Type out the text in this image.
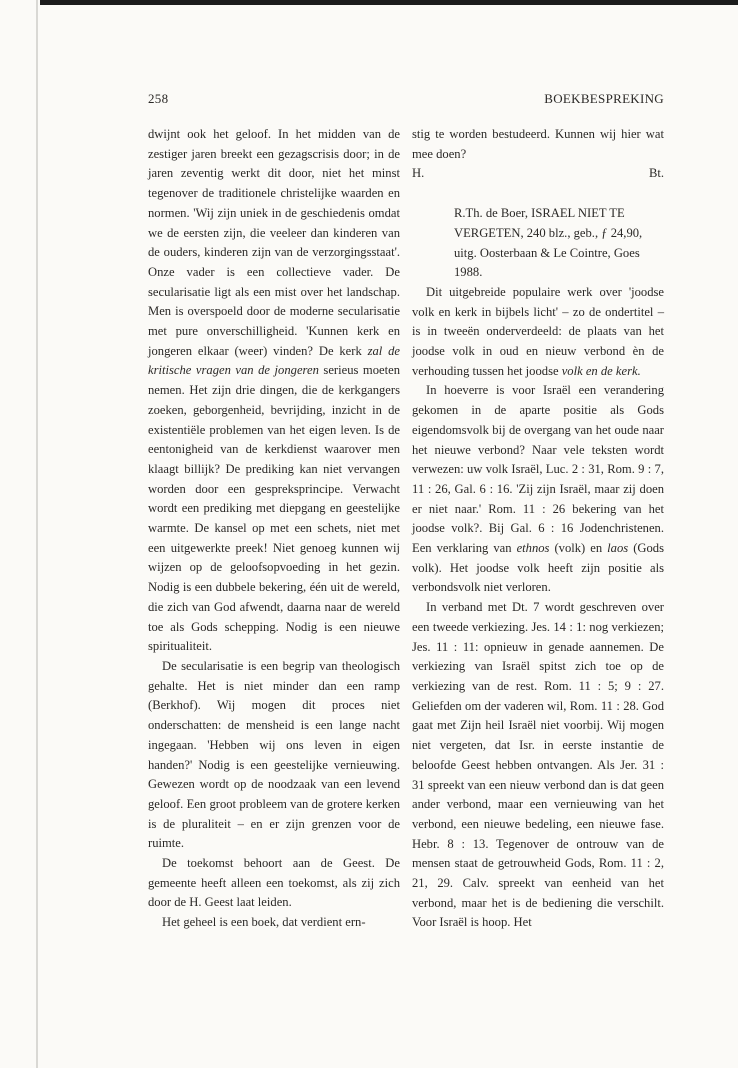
258	BOEKBESPREKING

dwijnt ook het geloof. In het midden van de zestiger jaren breekt een gezagscrisis door; in de jaren zeventig werkt dit door, niet het minst tegenover de traditionele christelijke waarden en normen. 'Wij zijn uniek in de geschiedenis omdat we de eersten zijn, die veeleer dan kinderen van de ouders, kinderen zijn van de verzorgingsstaat'. Onze vader is een collectieve vader. De secularisatie ligt als een mist over het landschap. Men is overspoeld door de moderne secularisatie met pure onverschilligheid. 'Kunnen kerk en jongeren elkaar (weer) vinden? De kerk zal de kritische vragen van de jongeren serieus moeten nemen. Het zijn drie dingen, die de kerkgangers zoeken, geborgenheid, bevrijding, inzicht in de existentiële problemen van het eigen leven. Is de eentonigheid van de kerkdienst waarover men klaagt billijk? De prediking kan niet vervangen worden door een gespreksprincipe. Verwacht wordt een prediking met diepgang en geestelijke warmte. De kansel op met een schets, niet met een uitgewerkte preek! Niet genoeg kunnen wij wijzen op de geloofsopvoeding in het gezin. Nodig is een dubbele bekering, één uit de wereld, die zich van God afwendt, daarna naar de wereld toe als Gods schepping. Nodig is een nieuwe spiritualiteit.

De secularisatie is een begrip van theologisch gehalte. Het is niet minder dan een ramp (Berkhof). Wij mogen dit proces niet onderschatten: de mensheid is een lange nacht ingegaan. 'Hebben wij ons leven in eigen handen?' Nodig is een geestelijke vernieuwing. Gewezen wordt op de noodzaak van een levend geloof. Een groot probleem van de grotere kerken is de pluraliteit – en er zijn grenzen voor de ruimte.

De toekomst behoort aan de Geest. De gemeente heeft alleen een toekomst, als zij zich door de H. Geest laat leiden.

Het geheel is een boek, dat verdient ern-

stig te worden bestudeerd. Kunnen wij hier wat mee doen?

H.	Bt.

R.Th. de Boer, ISRAEL NIET TE VERGETEN, 240 blz., geb., ƒ 24,90, uitg. Oosterbaan & Le Cointre, Goes 1988.

Dit uitgebreide populaire werk over 'joodse volk en kerk in bijbels licht' – zo de ondertitel – is in tweeën onderverdeeld: de plaats van het joodse volk in oud en nieuw verbond èn de verhouding tussen het joodse volk en de kerk.

In hoeverre is voor Israël een verandering gekomen in de aparte positie als Gods eigendomsvolk bij de overgang van het oude naar het nieuwe verbond? Naar vele teksten wordt verwezen: uw volk Israël, Luc. 2 : 31, Rom. 9 : 7, 11 : 26, Gal. 6 : 16. 'Zij zijn Israël, maar zij doen er niet naar.' Rom. 11 : 26 bekering van het joodse volk?. Bij Gal. 6 : 16 Jodenchristenen. Een verklaring van ethnos (volk) en laos (Gods volk). Het joodse volk heeft zijn positie als verbondsvolk niet verloren.

In verband met Dt. 7 wordt geschreven over een tweede verkiezing. Jes. 14 : 1: nog verkiezen; Jes. 11 : 11: opnieuw in genade aannemen. De verkiezing van Israël spitst zich toe op de verkiezing van de rest. Rom. 11 : 5; 9 : 27. Geliefden om der vaderen wil, Rom. 11 : 28. God gaat met Zijn heil Israël niet voorbij. Wij mogen niet vergeten, dat Isr. in eerste instantie de beloofde Geest hebben ontvangen. Als Jer. 31 : 31 spreekt van een nieuw verbond dan is dat geen ander verbond, maar een vernieuwing van het verbond, een nieuwe bedeling, een nieuwe fase. Hebr. 8 : 13. Tegenover de ontrouw van de mensen staat de getrouwheid Gods, Rom. 11 : 2, 21, 29. Calv. spreekt van eenheid van het verbond, maar het is de bediening die verschilt. Voor Israël is hoop. Het
